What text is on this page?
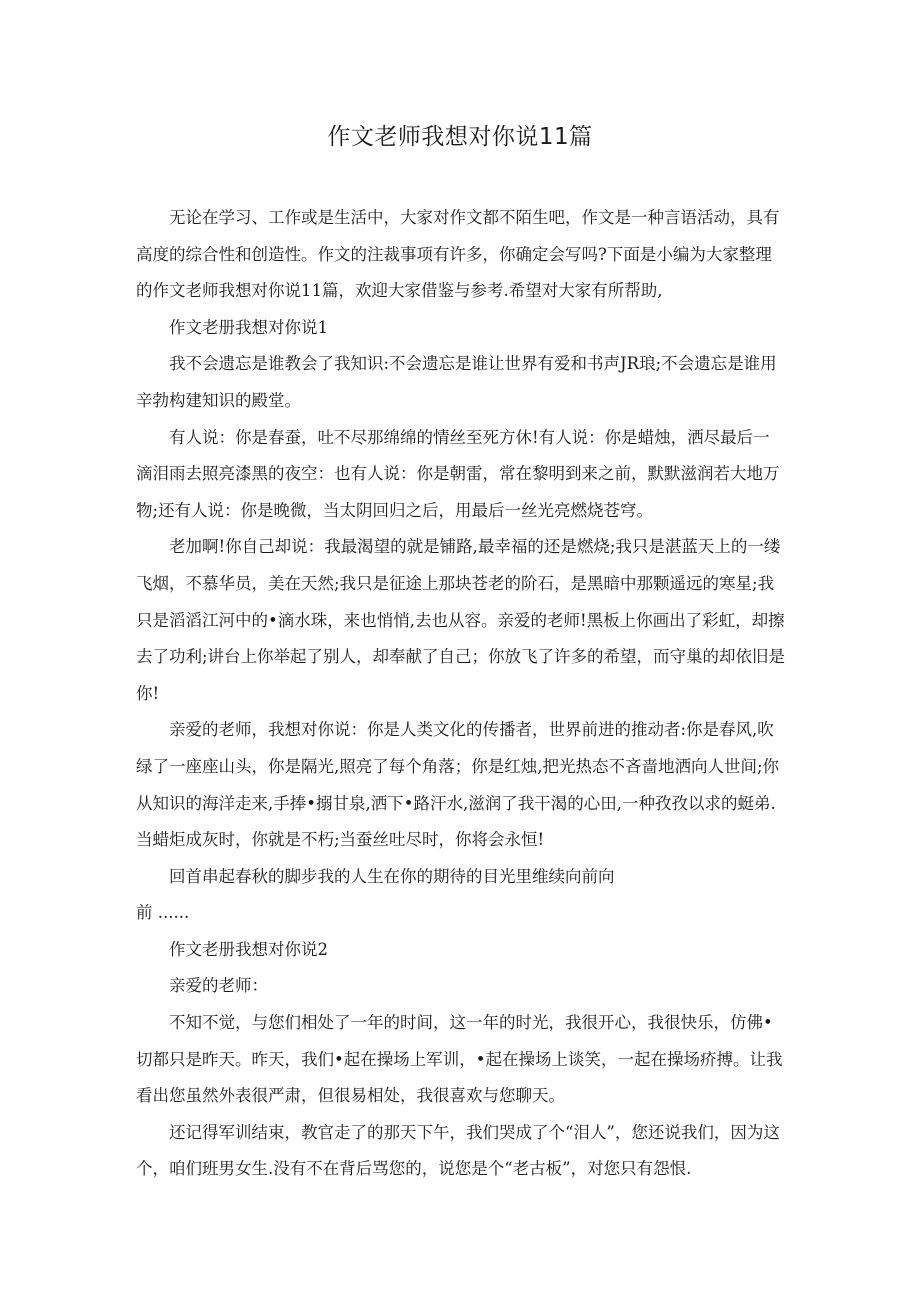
作文老师我想对你说11篇

无论在学习、工作或是生活中，大家对作文都不陌生吧，作文是一种言语活动，具有高度的综合性和创造性。作文的注裁事项有许多，你确定会写吗?下面是小编为大家整理的作文老师我想对你说11篇，欢迎大家借鉴与参考.希望对大家有所帮助,

作文老册我想对你说1

我不会遗忘是谁教会了我知识:不会遗忘是谁让世界有爱和书声JR琅;不会遗忘是谁用辛勃构建知识的殿堂。

有人说：你是春蚕，吐不尽那绵绵的情丝至死方休!有人说：你是蜡烛，洒尽最后一滴泪雨去照亮漆黑的夜空：也有人说：你是朝雷，常在黎明到来之前，默默滋润若大地万物;还有人说：你是晚微，当太阴回归之后，用最后一丝光亮燃烧苍穹。

老加啊!你自己却说：我最渴望的就是铺路,最幸福的还是燃烧;我只是湛蓝天上的一缕飞烟，不慕华员，美在天然;我只是征途上那块苍老的阶石，是黑暗中那颗遥远的寒星;我只是滔滔江河中的•滴水珠，来也悄悄,去也从容。亲爱的老师!黑板上你画出了彩虹，却擦去了功利;讲台上你举起了别人，却奉献了自己；你放飞了许多的希望，而守巢的却依旧是你!

亲爱的老师，我想对你说：你是人类文化的传播者，世界前进的推动者:你是春风,吹绿了一座座山头，你是隔光,照亮了每个角落；你是红烛,把光热态不吝啬地洒向人世间;你从知识的海洋走来,手捧•搦甘泉,洒下•路汗水,滋润了我干渴的心田,一种孜孜以求的蜓弟.当蜡炬成灰时，你就是不朽;当蚕丝吐尽时，你将会永恒!

回首串起春秋的脚步我的人生在你的期待的目光里维续向前向

前 ......

作文老册我想对你说2

亲爱的老师：

不知不觉，与您们相处了一年的时间，这一年的时光，我很开心，我很快乐，仿佛•切都只是昨天。昨天，我们•起在操场上军训，•起在操场上谈笑，一起在操场疥搏。让我看出您虽然外表很严肃，但很易相处，我很喜欢与您聊天。

还记得军训结束，教官走了的那天下午，我们哭成了个“泪人”，您还说我们，因为这个，咱们班男女生.没有不在背后骂您的，说您是个“老古板”，对您只有怨恨.
